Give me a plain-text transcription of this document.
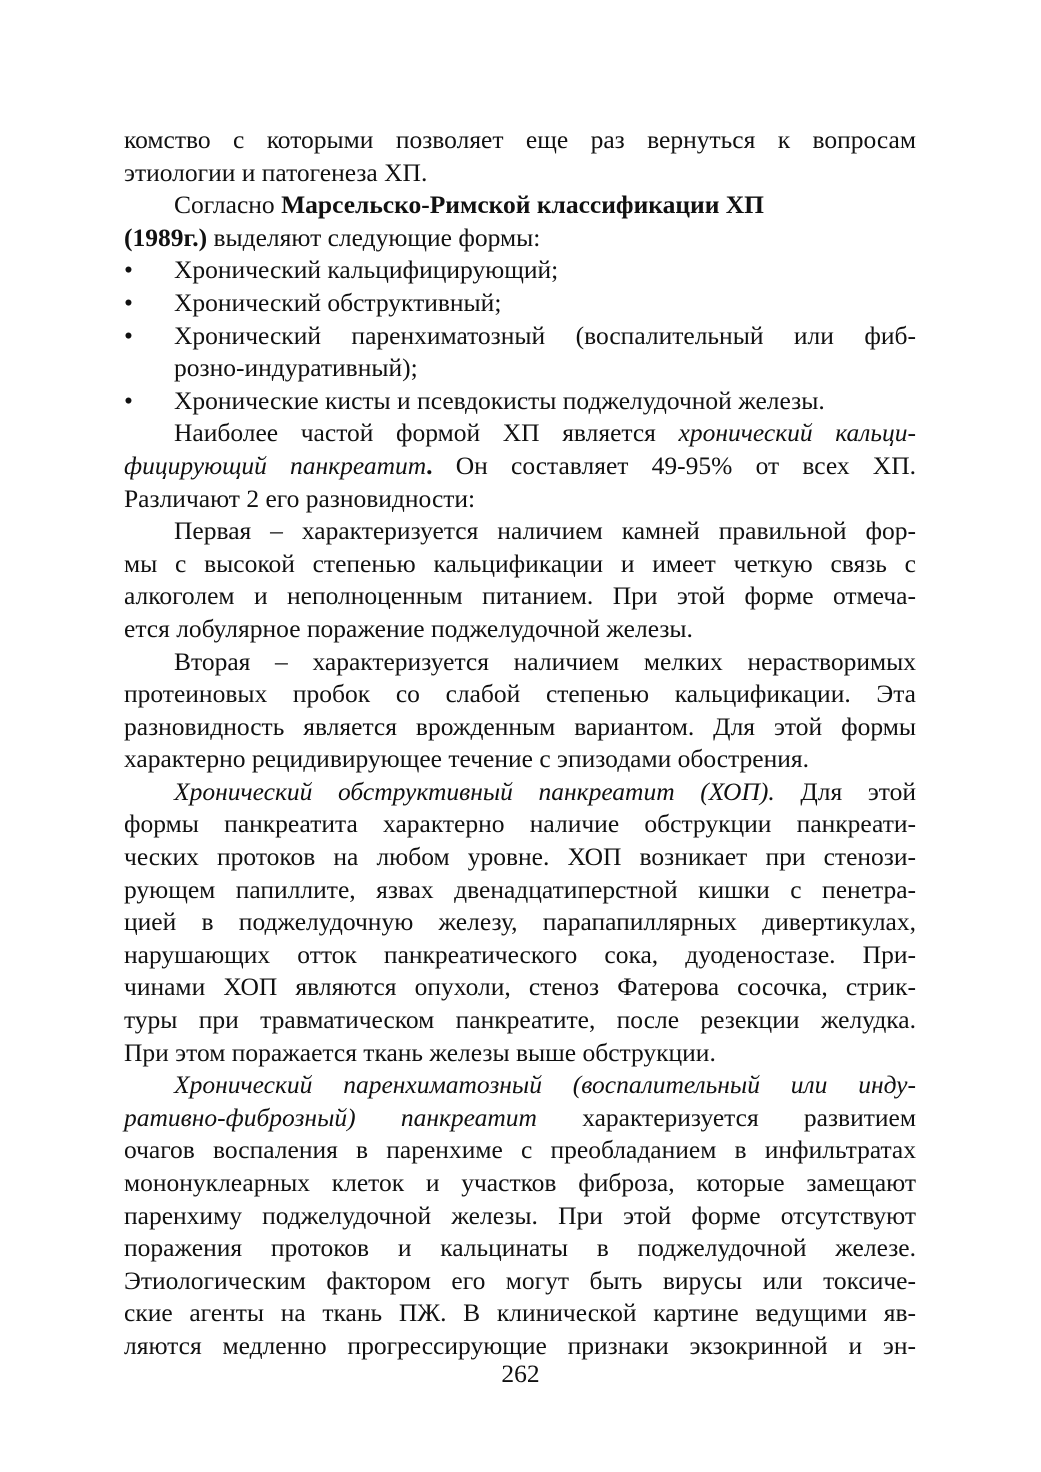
комство с которыми позволяет еще раз вернуться к вопросам
этиологии и патогенеза ХП.
Согласно Марсельско-Римской классификации ХП
(1989г.) выделяют следующие формы:
•	Хронический кальцифицирующий;
•	Хронический обструктивный;
•	Хронический паренхиматозный (воспалительный или фиб-
розно-индуративный);
•	Хронические кисты и псевдокисты поджелудочной железы.
Наиболее частой формой ХП является хронический кальци-
фицирующий панкреатит. Он составляет 49-95% от всех ХП.
Различают 2 его разновидности:
Первая – характеризуется наличием камней правильной фор-
мы с высокой степенью кальцификации и имеет четкую связь с
алкоголем и неполноценным питанием. При этой форме отмеча-
ется лобулярное поражение поджелудочной железы.
Вторая – характеризуется наличием мелких нерастворимых
протеиновых пробок со слабой степенью кальцификации. Эта
разновидность является врожденным вариантом. Для этой формы
характерно рецидивирующее течение с эпизодами обострения.
Хронический обструктивный панкреатит (ХОП). Для этой
формы панкреатита характерно наличие обструкции панкреати-
ческих протоков на любом уровне. ХОП возникает при стенози-
рующем папиллите, язвах двенадцатиперстной кишки с пенетра-
цией в поджелудочную железу, парапапиллярных дивертикулах,
нарушающих отток панкреатического сока, дуоденостазе. При-
чинами ХОП являются опухоли, стеноз Фатерова сосочка, стрик-
туры при травматическом панкреатите, после резекции желудка.
При этом поражается ткань железы выше обструкции.
Хронический паренхиматозный (воспалительный или инду-
ративно-фиброзный) панкреатит характеризуется развитием
очагов воспаления в паренхиме с преобладанием в инфильтратах
мононуклеарных клеток и участков фиброза, которые замещают
паренхиму поджелудочной железы. При этой форме отсутствуют
поражения протоков и кальцинаты в поджелудочной железе.
Этиологическим фактором его могут быть вирусы или токсиче-
ские агенты на ткань ПЖ. В клинической картине ведущими яв-
ляются медленно прогрессирующие признаки экзокринной и эн-
262
